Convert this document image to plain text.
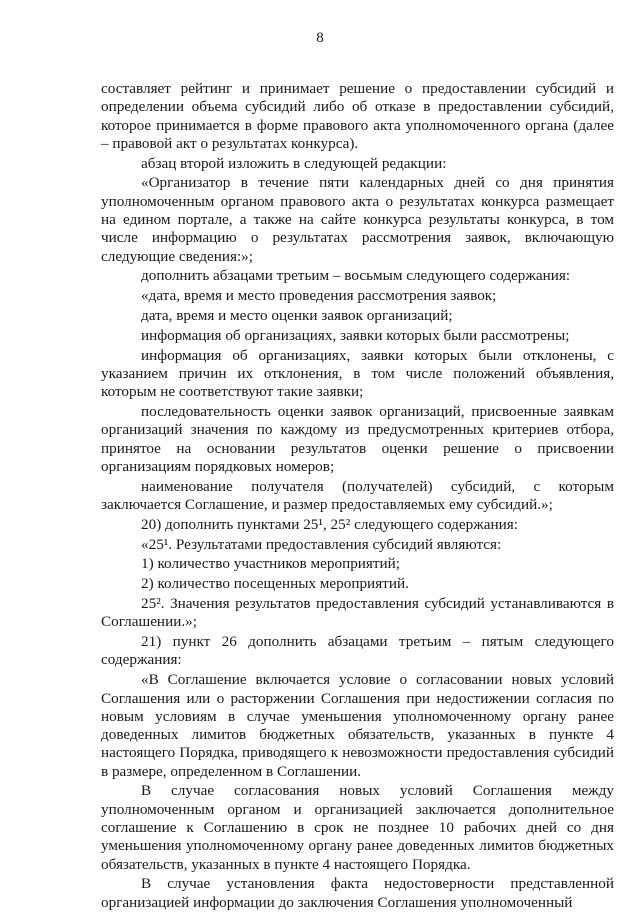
8

составляет рейтинг и принимает решение о предоставлении субсидий и определении объема субсидий либо об отказе в предоставлении субсидий, которое принимается в форме правового акта уполномоченного органа (далее – правовой акт о результатах конкурса).

абзац второй изложить в следующей редакции:

«Организатор в течение пяти календарных дней со дня принятия уполномоченным органом правового акта о результатах конкурса размещает на едином портале, а также на сайте конкурса результаты конкурса, в том числе информацию о результатах рассмотрения заявок, включающую следующие сведения:»;

дополнить абзацами третьим – восьмым следующего содержания:

«дата, время и место проведения рассмотрения заявок;

дата, время и место оценки заявок организаций;

информация об организациях, заявки которых были рассмотрены;

информация об организациях, заявки которых были отклонены, с указанием причин их отклонения, в том числе положений объявления, которым не соответствуют такие заявки;

последовательность оценки заявок организаций, присвоенные заявкам организаций значения по каждому из предусмотренных критериев отбора, принятое на основании результатов оценки решение о присвоении организациям порядковых номеров;

наименование получателя (получателей) субсидий, с которым заключается Соглашение, и размер предоставляемых ему субсидий.»;

20) дополнить пунктами 25¹, 25² следующего содержания:

«25¹. Результатами предоставления субсидий являются:

1) количество участников мероприятий;

2) количество посещенных мероприятий.

25². Значения результатов предоставления субсидий устанавливаются в Соглашении.»;

21) пункт 26 дополнить абзацами третьим – пятым следующего содержания:

«В Соглашение включается условие о согласовании новых условий Соглашения или о расторжении Соглашения при недостижении согласия по новым условиям в случае уменьшения уполномоченному органу ранее доведенных лимитов бюджетных обязательств, указанных в пункте 4 настоящего Порядка, приводящего к невозможности предоставления субсидий в размере, определенном в Соглашении.

В случае согласования новых условий Соглашения между уполномоченным органом и организацией заключается дополнительное соглашение к Соглашению в срок не позднее 10 рабочих дней со дня уменьшения уполномоченному органу ранее доведенных лимитов бюджетных обязательств, указанных в пункте 4 настоящего Порядка.

В случае установления факта недостоверности представленной организацией информации до заключения Соглашения уполномоченный
